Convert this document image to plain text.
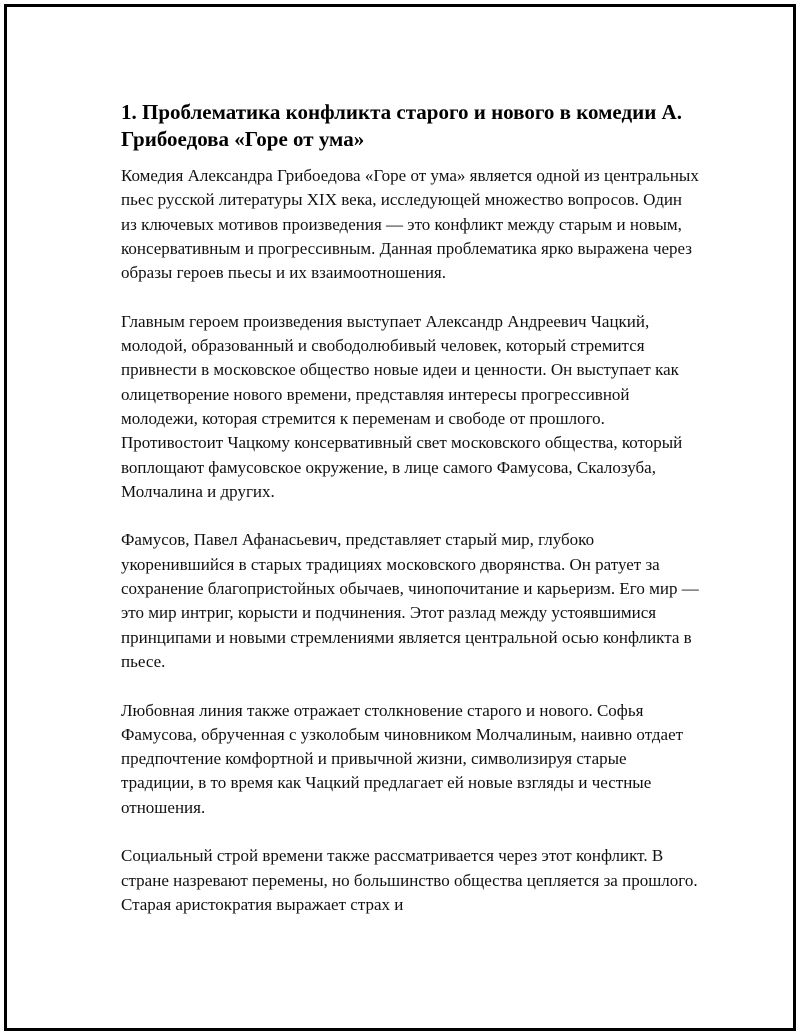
1. Проблематика конфликта старого и нового в комедии А. Грибоедова «Горе от ума»

Комедия Александра Грибоедова «Горе от ума» является одной из центральных пьес русской литературы XIX века, исследующей множество вопросов. Один из ключевых мотивов произведения — это конфликт между старым и новым, консервативным и прогрессивным. Данная проблематика ярко выражена через образы героев пьесы и их взаимоотношения.

Главным героем произведения выступает Александр Андреевич Чацкий, молодой, образованный и свободолюбивый человек, который стремится привнести в московское общество новые идеи и ценности. Он выступает как олицетворение нового времени, представляя интересы прогрессивной молодежи, которая стремится к переменам и свободе от прошлого. Противостоит Чацкому консервативный свет московского общества, который воплощают фамусовское окружение, в лице самого Фамусова, Скалозуба, Молчалина и других.

Фамусов, Павел Афанасьевич, представляет старый мир, глубоко укоренившийся в старых традициях московского дворянства. Он ратует за сохранение благопристойных обычаев, чинопочитание и карьеризм. Его мир — это мир интриг, корысти и подчинения. Этот разлад между устоявшимися принципами и новыми стремлениями является центральной осью конфликта в пьесе.

Любовная линия также отражает столкновение старого и нового. Софья Фамусова, обрученная с узколобым чиновником Молчалиным, наивно отдает предпочтение комфортной и привычной жизни, символизируя старые традиции, в то время как Чацкий предлагает ей новые взгляды и честные отношения.

Социальный строй времени также рассматривается через этот конфликт. В стране назревают перемены, но большинство общества цепляется за прошлого. Старая аристократия выражает страх и
